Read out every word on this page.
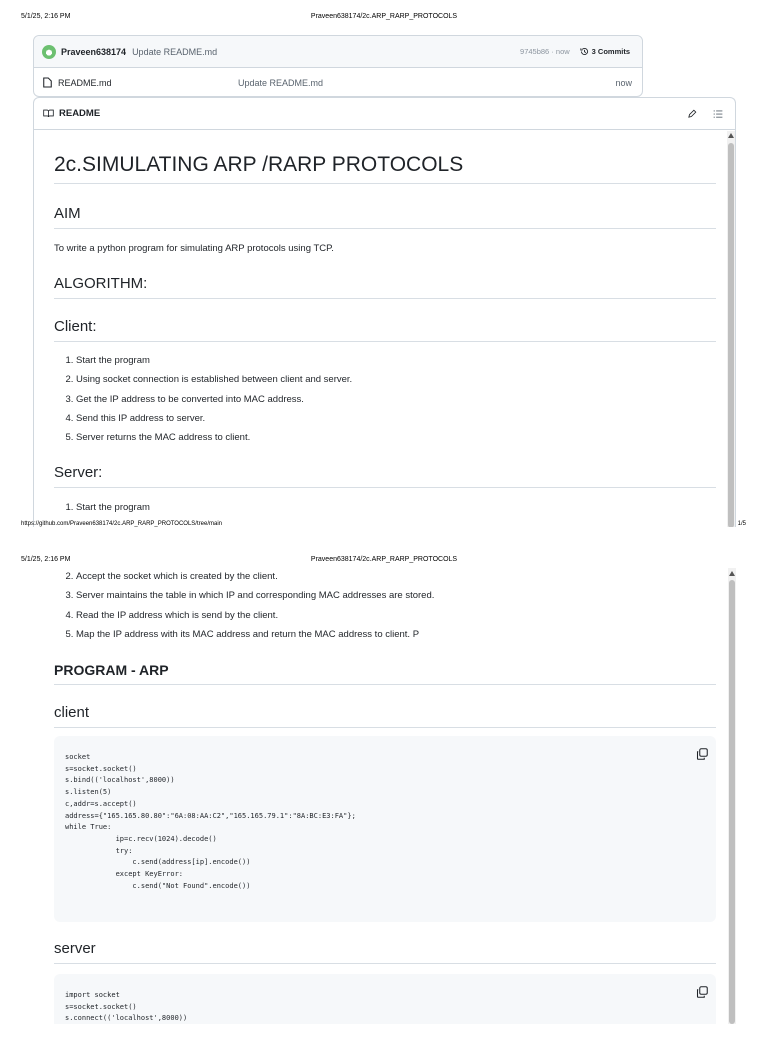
5/1/25, 2:16 PM	Praveen638174/2c.ARP_RARP_PROTOCOLS
Praveen638174 Update README.md	9745b86 · now	3 Commits
README.md	Update README.md	now
README
2c.SIMULATING ARP /RARP PROTOCOLS
AIM

To write a python program for simulating ARP protocols using TCP.

ALGORITHM:
Client:
1. Start the program
2. Using socket connection is established between client and server.
3. Get the IP address to be converted into MAC address.
4. Send this IP address to server.
5. Server returns the MAC address to client.
Server:
1. Start the program
https://github.com/Praveen638174/2c.ARP_RARP_PROTOCOLS/tree/main	1/5
5/1/25, 2:16 PM	Praveen638174/2c.ARP_RARP_PROTOCOLS
2. Accept the socket which is created by the client.
3. Server maintains the table in which IP and corresponding MAC addresses are stored.
4. Read the IP address which is send by the client.
5. Map the IP address with its MAC address and return the MAC address to client. P
PROGRAM - ARP
client
socket
s=socket.socket()
s.bind(('localhost',8000))
s.listen(5)
c,addr=s.accept()
address={"165.165.80.80":"6A:08:AA:C2","165.165.79.1":"8A:BC:E3:FA"};
while True:
ip=c.recv(1024).decode()
try:
c.send(address[ip].encode())
except KeyError:
c.send("Not Found".encode())
server
import socket
s=socket.socket()
s.connect(('localhost',8000))
